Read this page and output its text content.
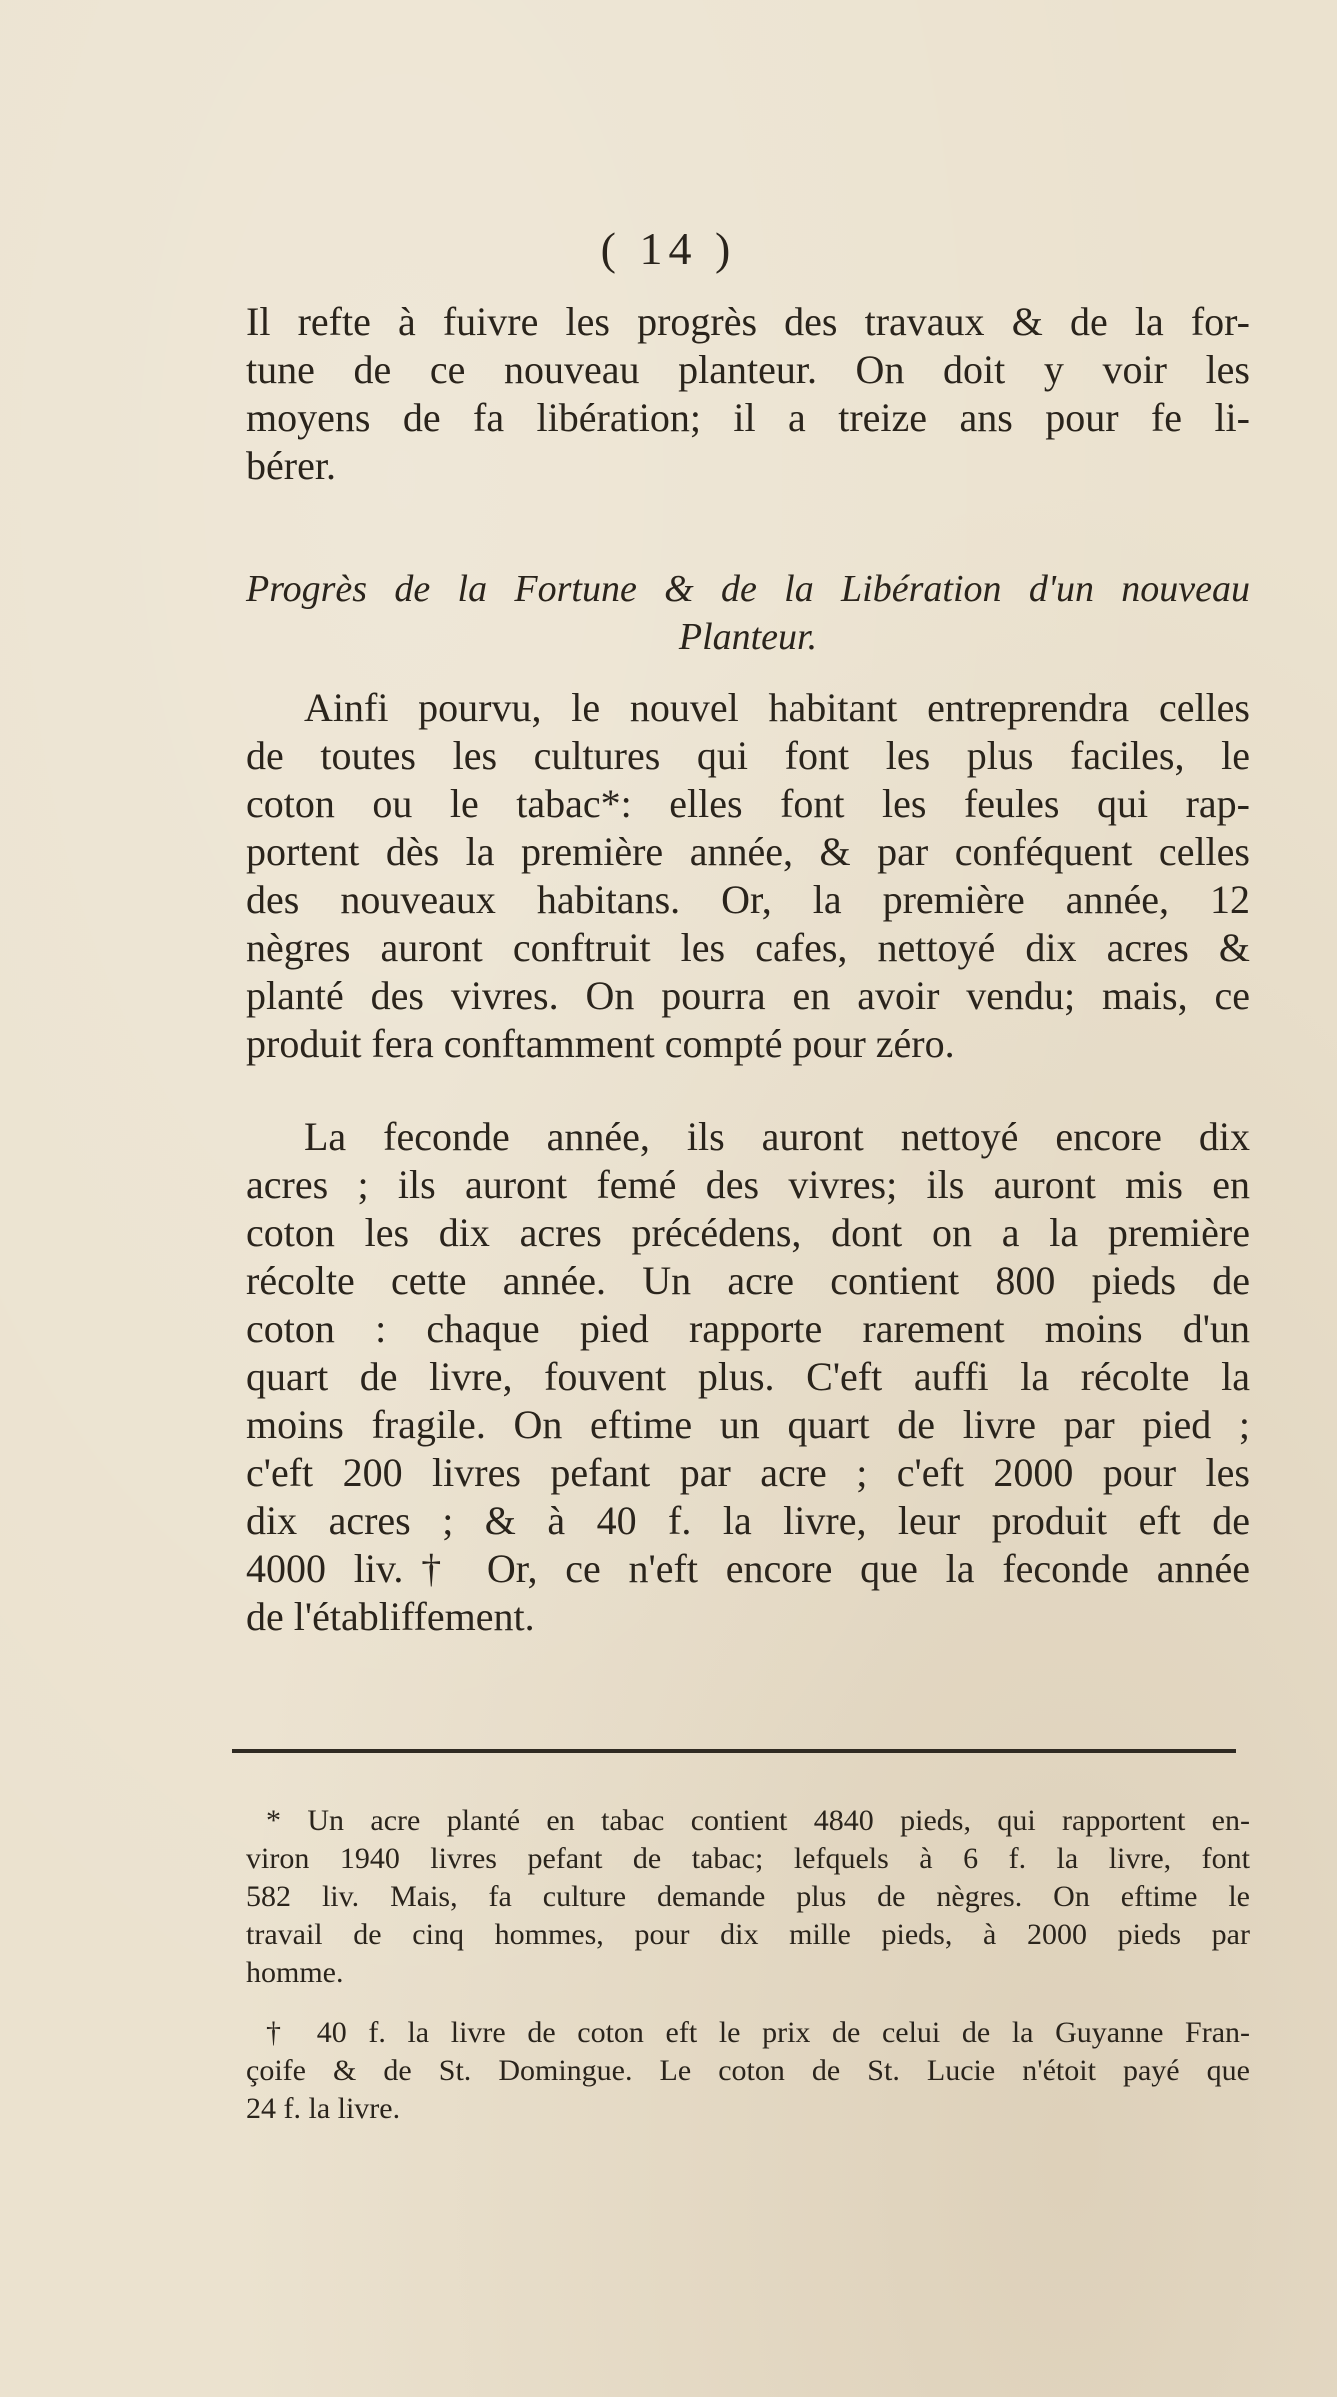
( 14 )
Il refte à fuivre les progrès des travaux & de la for-
tune de ce nouveau planteur. On doit y voir les
moyens de fa libération; il a treize ans pour fe li-
bérer.
Progrès de la Fortune & de la Libération d'un nouveau
Planteur.
Ainfi pourvu, le nouvel habitant entreprendra celles
de toutes les cultures qui font les plus faciles, le
coton ou le tabac*: elles font les feules qui rap-
portent dès la première année, & par conféquent celles
des nouveaux habitans. Or, la première année, 12
nègres auront conftruit les cafes, nettoyé dix acres &
planté des vivres. On pourra en avoir vendu; mais, ce
produit fera conftamment compté pour zéro.
La feconde année, ils auront nettoyé encore dix
acres ; ils auront femé des vivres; ils auront mis en
coton les dix acres précédens, dont on a la première
récolte cette année. Un acre contient 800 pieds de
coton : chaque pied rapporte rarement moins d'un
quart de livre, fouvent plus. C'eft auffi la récolte la
moins fragile. On eftime un quart de livre par pied ;
c'eft 200 livres pefant par acre ; c'eft 2000 pour les
dix acres ; & à 40 f. la livre, leur produit eft de
4000 liv.† Or, ce n'eft encore que la feconde année
de l'établiffement.
* Un acre planté en tabac contient 4840 pieds, qui rapportent en-
viron 1940 livres pefant de tabac; lefquels à 6 f. la livre, font
582 liv. Mais, fa culture demande plus de nègres. On eftime le
travail de cinq hommes, pour dix mille pieds, à 2000 pieds par
homme.
† 40 f. la livre de coton eft le prix de celui de la Guyanne Fran-
çoife & de St. Domingue. Le coton de St. Lucie n'étoit payé que
24 f. la livre.
